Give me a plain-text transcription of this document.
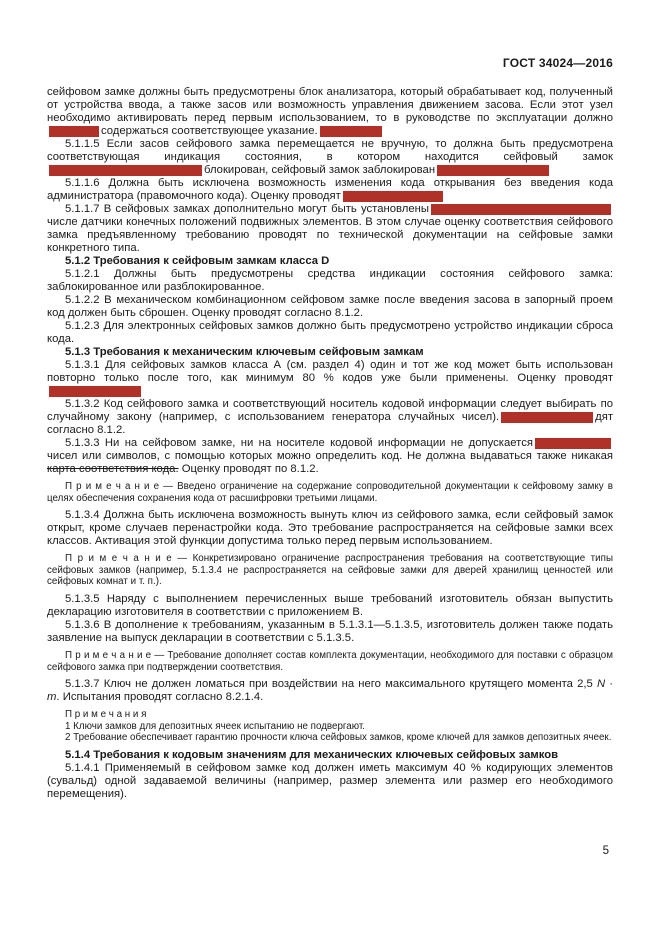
ГОСТ 34024—2016

сейфовом замке должны быть предусмотрены блок анализатора, который обрабатывает код, полученный от устройства ввода, а также засов или возможность управления движением засова. Если этот узел необходимо активировать перед первым использованием, то в руководстве по эксплуатации должносодержаться соответствующее указание.

5.1.1.5 Если засов сейфового замка перемещается не вручную, то должна быть предусмотрена соответствующая индикация состояния, в котором находится сейфовый замокблокирован, сейфовый замок заблокирован

5.1.1.6 Должна быть исключена возможность изменения кода открывания без введения кода администратора (правомочного кода). Оценку проводят

5.1.1.7 В сейфовых замках дополнительно могут быть установленычисле датчики конечных положений подвижных элементов. В этом случае оценку соответствия сейфового замка предъявленному требованию проводят по технической документации на сейфовые замки конкретного типа.

5.1.2 Требования к сейфовым замкам класса D

5.1.2.1 Должны быть предусмотрены средства индикации состояния сейфового замка: заблокированное или разблокированное.

5.1.2.2 В механическом комбинационном сейфовом замке после введения засова в запорный проем код должен быть сброшен. Оценку проводят согласно 8.1.2.

5.1.2.3 Для электронных сейфовых замков должно быть предусмотрено устройство индикации сброса кода.

5.1.3 Требования к механическим ключевым сейфовым замкам

5.1.3.1 Для сейфовых замков класса А (см. раздел 4) один и тот же код может быть использован повторно только после того, как минимум 80 % кодов уже были применены. Оценку проводят

5.1.3.2 Код сейфового замка и соответствующий носитель кодовой информации следует выбирать по случайному закону (например, с использованием генератора случайных чисел).	дят согласно 8.1.2.

5.1.3.3 Ни на сейфовом замке, ни на носителе кодовой информации не допускаетсячисел или символов, с помощью которых можно определить код. Не должна выдаваться также никакая карта соответствия кода. Оценку проводят по 8.1.2.

П р и м е ч а н и е — Введено ограничение на содержание сопроводительной документации к сейфовому замку в целях обеспечения сохранения кода от расшифровки третьими лицами.

5.1.3.4 Должна быть исключена возможность вынуть ключ из сейфового замка, если сейфовый замок открыт, кроме случаев перенастройки кода. Это требование распространяется на сейфовые замки всех классов. Активация этой функции допустима только перед первым использованием.

П р и м е ч а н и е — Конкретизировано ограничение распространения требования на соответствующие типы сейфовых замков (например, 5.1.3.4 не распространяется на сейфовые замки для дверей хранилищ ценностей или сейфовых комнат и т. п.).

5.1.3.5 Наряду с выполнением перечисленных выше требований изготовитель обязан выпустить декларацию изготовителя в соответствии с приложением В.

5.1.3.6 В дополнение к требованиям, указанным в 5.1.3.1—5.1.3.5, изготовитель должен также подать заявление на выпуск декларации в соответствии с 5.1.3.5.

П р и м е ч а н и е — Требование дополняет состав комплекта документации, необходимого для поставки с образцом сейфового замка при подтверждении соответствия.

5.1.3.7 Ключ не должен ломаться при воздействии на него максимального крутящего момента 2,5 N · m. Испытания проводят согласно 8.2.1.4.

П р и м е ч а н и я

1 Ключи замков для депозитных ячеек испытанию не подвергают.

2 Требование обеспечивает гарантию прочности ключа сейфовых замков, кроме ключей для замков депозитных ячеек.

5.1.4 Требования к кодовым значениям для механических ключевых сейфовых замков

5.1.4.1 Применяемый в сейфовом замке код должен иметь максимум 40 % кодирующих элементов (сувальд) одной задаваемой величины (например, размер элемента или размер его необходимого перемещения).

5
